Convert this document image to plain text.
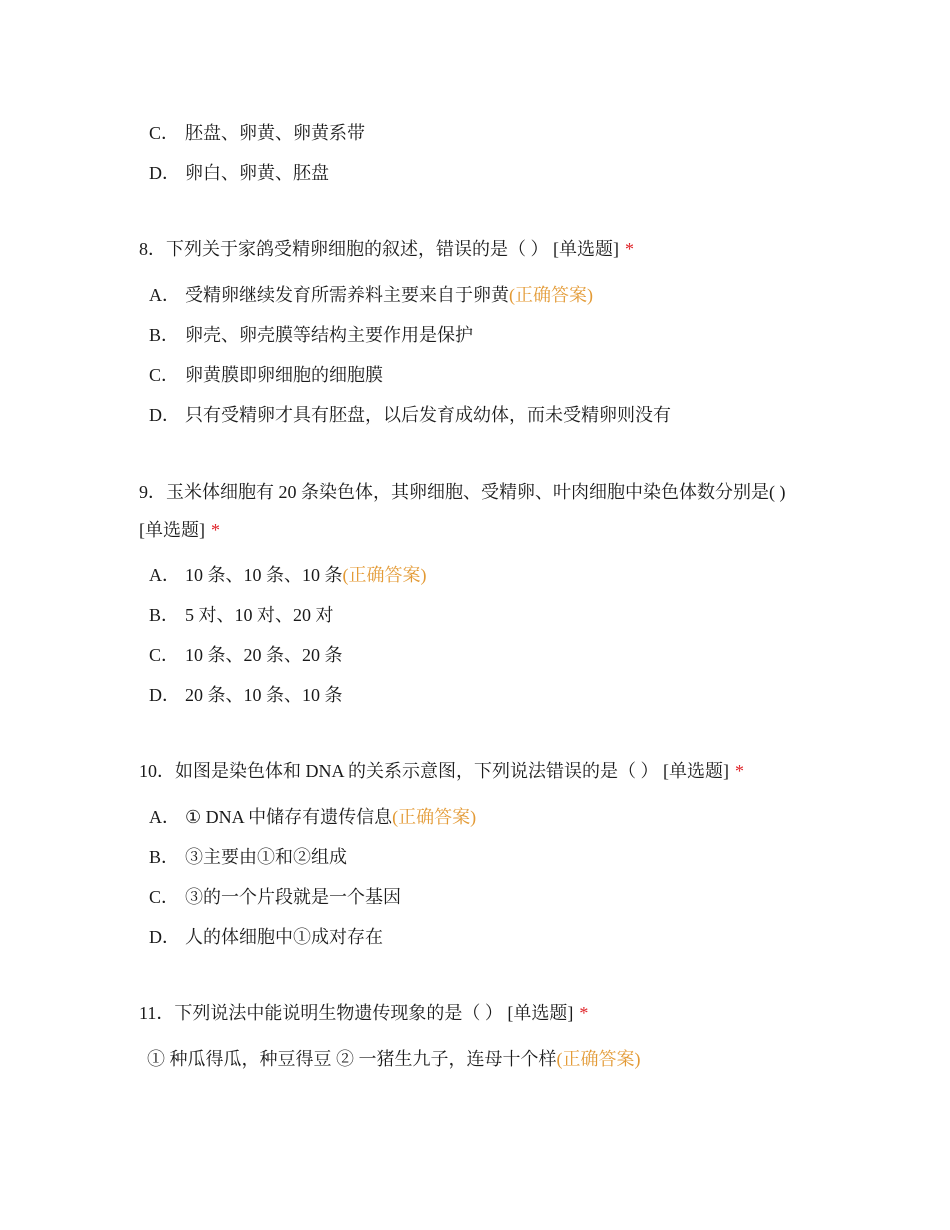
C． 胚盘、卵黄、卵黄系带
D． 卵白、卵黄、胚盘
8．下列关于家鸽受精卵细胞的叙述，错误的是（ ） [单选题] *
A． 受精卵继续发育所需养料主要来自于卵黄(正确答案)
B． 卵壳、卵壳膜等结构主要作用是保护
C． 卵黄膜即卵细胞的细胞膜
D． 只有受精卵才具有胚盘，以后发育成幼体，而未受精卵则没有
9．玉米体细胞有 20 条染色体，其卵细胞、受精卵、叶肉细胞中染色体数分别是( )
[单选题] *
A． 10 条、10 条、10 条(正确答案)
B． 5 对、10 对、20 对
C． 10 条、20 条、20 条
D． 20 条、10 条、10 条
10．如图是染色体和 DNA 的关系示意图，下列说法错误的是（ ） [单选题] *
A． ① DNA 中储存有遗传信息(正确答案)
B． ③主要由①和②组成
C． ③的一个片段就是一个基因
D． 人的体细胞中①成对存在
11．下列说法中能说明生物遗传现象的是（ ） [单选题] *
① 种瓜得瓜，种豆得豆 ② 一猪生九子，连母十个样(正确答案)
